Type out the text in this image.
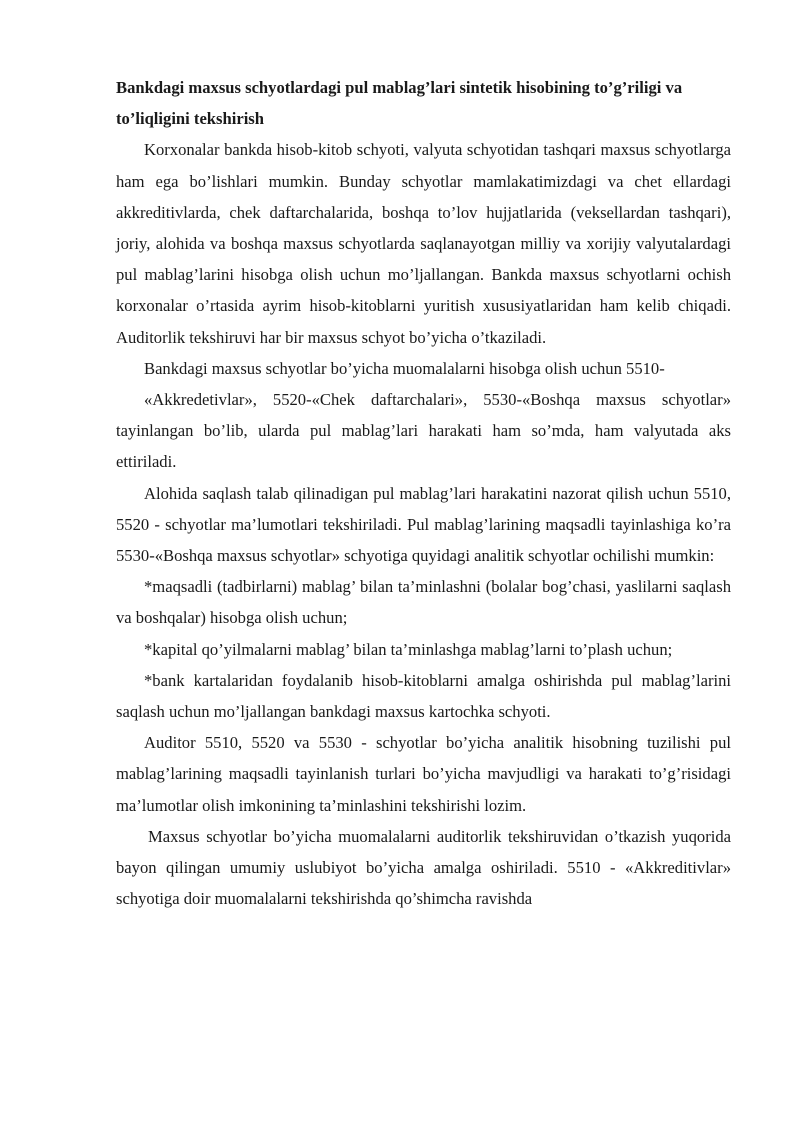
Bankdagi maxsus schyotlardagi pul mablag’lari sintetik hisobining to’g’riligi va to’liqligini tekshirish

Korxonalar bankda hisob-kitob schyoti, valyuta schyotidan tashqari maxsus schyotlarga ham ega bo’lishlari mumkin. Bunday schyotlar mamlakatimizdagi va chet ellardagi akkreditivlarda, chek daftarchalarida, boshqa to’lov hujjatlarida (veksellardan tashqari), joriy, alohida va boshqa maxsus schyotlarda saqlanayotgan milliy va xorijiy valyutalardagi pul mablag’larini hisobga olish uchun mo’ljallangan. Bankda maxsus schyotlarni ochish korxonalar o’rtasida ayrim hisob-kitoblarni yuritish xususiyatlaridan ham kelib chiqadi. Auditorlik tekshiruvi har bir maxsus schyot bo’yicha o’tkaziladi.

Bankdagi maxsus schyotlar bo’yicha muomalalarni hisobga olish uchun 5510-

«Akkredetivlar», 5520-«Chek daftarchalari», 5530-«Boshqa maxsus schyotlar» tayinlangan bo’lib, ularda pul mablag’lari harakati ham so’mda, ham valyutada aks ettiriladi.

Alohida saqlash talab qilinadigan pul mablag’lari harakatini nazorat qilish uchun 5510, 5520 - schyotlar ma’lumotlari tekshiriladi. Pul mablag’larining maqsadli tayinlashiga ko’ra 5530-«Boshqa maxsus schyotlar» schyotiga quyidagi analitik schyotlar ochilishi mumkin:

*maqsadli (tadbirlarni) mablag’ bilan ta’minlashni (bolalar bog’chasi, yaslilarni saqlash va boshqalar) hisobga olish uchun;

*kapital qo’yilmalarni mablag’ bilan ta’minlashga mablag’larni to’plash uchun;

*bank kartalaridan foydalanib hisob-kitoblarni amalga oshirishda pul mablag’larini saqlash uchun mo’ljallangan bankdagi maxsus kartochka schyoti.

Auditor 5510, 5520 va 5530 - schyotlar bo’yicha analitik hisobning tuzilishi pul mablag’larining maqsadli tayinlanish turlari bo’yicha mavjudligi va harakati to’g’risidagi ma’lumotlar olish imkonining ta’minlashini tekshirishi lozim.

Maxsus schyotlar bo’yicha muomalalarni auditorlik tekshiruvidan o’tkazish yuqorida bayon qilingan umumiy uslubiyot bo’yicha amalga oshiriladi. 5510 - «Akkreditivlar» schyotiga doir muomalalarni tekshirishda qo’shimcha ravishda
